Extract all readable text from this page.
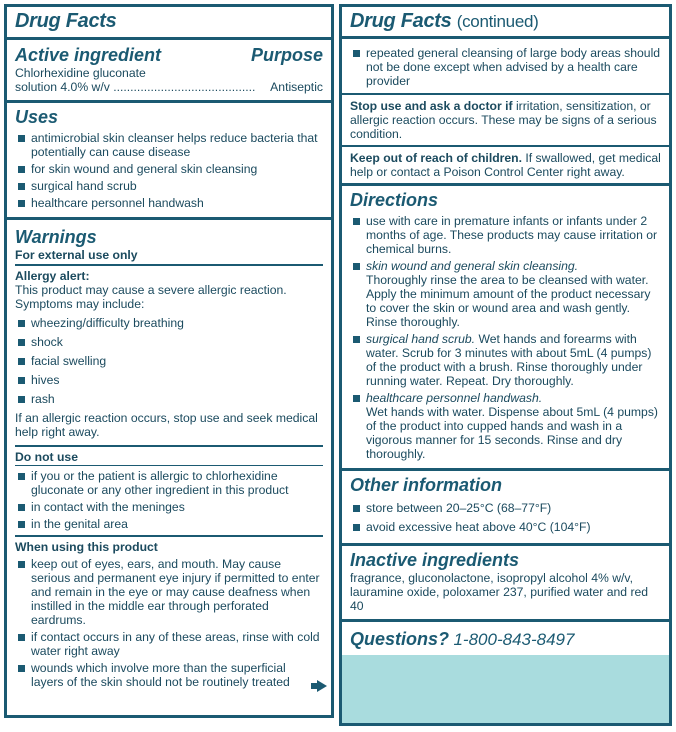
Drug Facts
Active ingredient	Purpose
Chlorhexidine gluconate
solution 4.0% w/v .......................................... Antiseptic
Uses
antimicrobial skin cleanser helps reduce bacteria that potentially can cause disease
for skin wound and general skin cleansing
surgical hand scrub
healthcare personnel handwash
Warnings
For external use only
Allergy alert:
This product may cause a severe allergic reaction. Symptoms may include:
wheezing/difficulty breathing
shock
facial swelling
hives
rash
If an allergic reaction occurs, stop use and seek medical help right away.
Do not use
if you or the patient is allergic to chlorhexidine gluconate or any other ingredient in this product
in contact with the meninges
in the genital area
When using this product
keep out of eyes, ears, and mouth. May cause serious and permanent eye injury if permitted to enter and remain in the eye or may cause deafness when instilled in the middle ear through perforated eardrums.
if contact occurs in any of these areas, rinse with cold water right away
wounds which involve more than the superficial layers of the skin should not be routinely treated
Drug Facts (continued)
repeated general cleansing of large body areas should not be done except when advised by a health care provider
Stop use and ask a doctor if irritation, sensitization, or allergic reaction occurs. These may be signs of a serious condition.
Keep out of reach of children. If swallowed, get medical help or contact a Poison Control Center right away.
Directions
use with care in premature infants or infants under 2 months of age. These products may cause irritation or chemical burns.
skin wound and general skin cleansing.
Thoroughly rinse the area to be cleansed with water. Apply the minimum amount of the product necessary to cover the skin or wound area and wash gently. Rinse thoroughly.
surgical hand scrub. Wet hands and forearms with water. Scrub for 3 minutes with about 5mL (4 pumps) of the product with a brush. Rinse thoroughly under running water. Repeat. Dry thoroughly.
healthcare personnel handwash.
Wet hands with water. Dispense about 5mL (4 pumps) of the product into cupped hands and wash in a vigorous manner for 15 seconds. Rinse and dry thoroughly.
Other information
store between 20–25°C (68–77°F)
avoid excessive heat above 40°C (104°F)
Inactive ingredients
fragrance, gluconolactone, isopropyl alcohol 4% w/v, lauramine oxide, poloxamer 237, purified water and red 40
Questions? 1-800-843-8497
